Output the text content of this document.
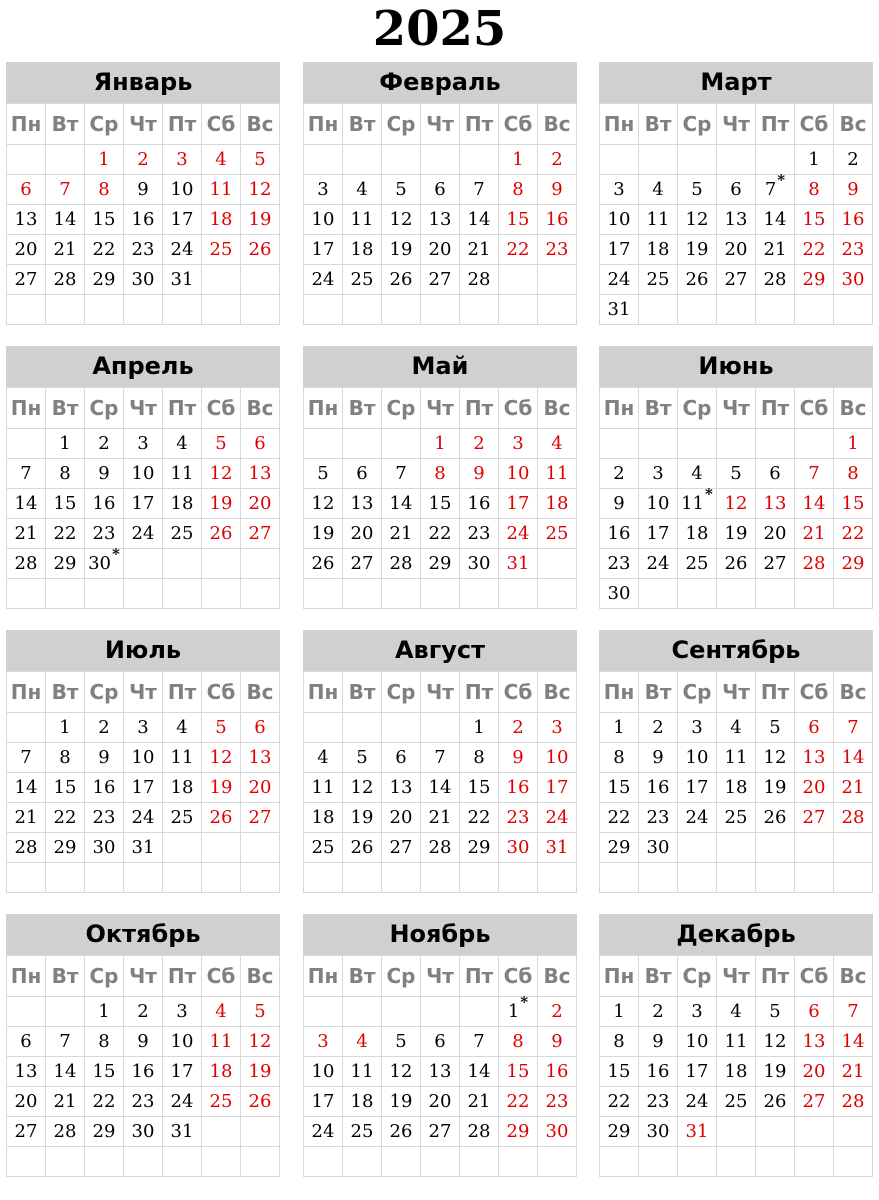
2025
Январь
Пн	Вт	Ср	Чт	Пт	Сб	Вс
		1	2	3	4	5
6	7	8	9	10	11	12
13	14	15	16	17	18	19
20	21	22	23	24	25	26
27	28	29	30	31		

Февраль
Пн	Вт	Ср	Чт	Пт	Сб	Вс
					1	2
3	4	5	6	7	8	9
10	11	12	13	14	15	16
17	18	19	20	21	22	23
24	25	26	27	28		

Март
Пн	Вт	Ср	Чт	Пт	Сб	Вс
					1	2
3	4	5	6	7*	8	9
10	11	12	13	14	15	16
17	18	19	20	21	22	23
24	25	26	27	28	29	30
31						
Апрель
Пн	Вт	Ср	Чт	Пт	Сб	Вс
	1	2	3	4	5	6
7	8	9	10	11	12	13
14	15	16	17	18	19	20
21	22	23	24	25	26	27
28	29	30*				

Май
Пн	Вт	Ср	Чт	Пт	Сб	Вс
			1	2	3	4
5	6	7	8	9	10	11
12	13	14	15	16	17	18
19	20	21	22	23	24	25
26	27	28	29	30	31	

Июнь
Пн	Вт	Ср	Чт	Пт	Сб	Вс
						1
2	3	4	5	6	7	8
9	10	11*	12	13	14	15
16	17	18	19	20	21	22
23	24	25	26	27	28	29
30						
Июль
Пн	Вт	Ср	Чт	Пт	Сб	Вс
	1	2	3	4	5	6
7	8	9	10	11	12	13
14	15	16	17	18	19	20
21	22	23	24	25	26	27
28	29	30	31			

Август
Пн	Вт	Ср	Чт	Пт	Сб	Вс
				1	2	3
4	5	6	7	8	9	10
11	12	13	14	15	16	17
18	19	20	21	22	23	24
25	26	27	28	29	30	31

Сентябрь
Пн	Вт	Ср	Чт	Пт	Сб	Вс
1	2	3	4	5	6	7
8	9	10	11	12	13	14
15	16	17	18	19	20	21
22	23	24	25	26	27	28
29	30					

Октябрь
Пн	Вт	Ср	Чт	Пт	Сб	Вс
		1	2	3	4	5
6	7	8	9	10	11	12
13	14	15	16	17	18	19
20	21	22	23	24	25	26
27	28	29	30	31		

Ноябрь
Пн	Вт	Ср	Чт	Пт	Сб	Вс
					1*	2
3	4	5	6	7	8	9
10	11	12	13	14	15	16
17	18	19	20	21	22	23
24	25	26	27	28	29	30

Декабрь
Пн	Вт	Ср	Чт	Пт	Сб	Вс
1	2	3	4	5	6	7
8	9	10	11	12	13	14
15	16	17	18	19	20	21
22	23	24	25	26	27	28
29	30	31				
